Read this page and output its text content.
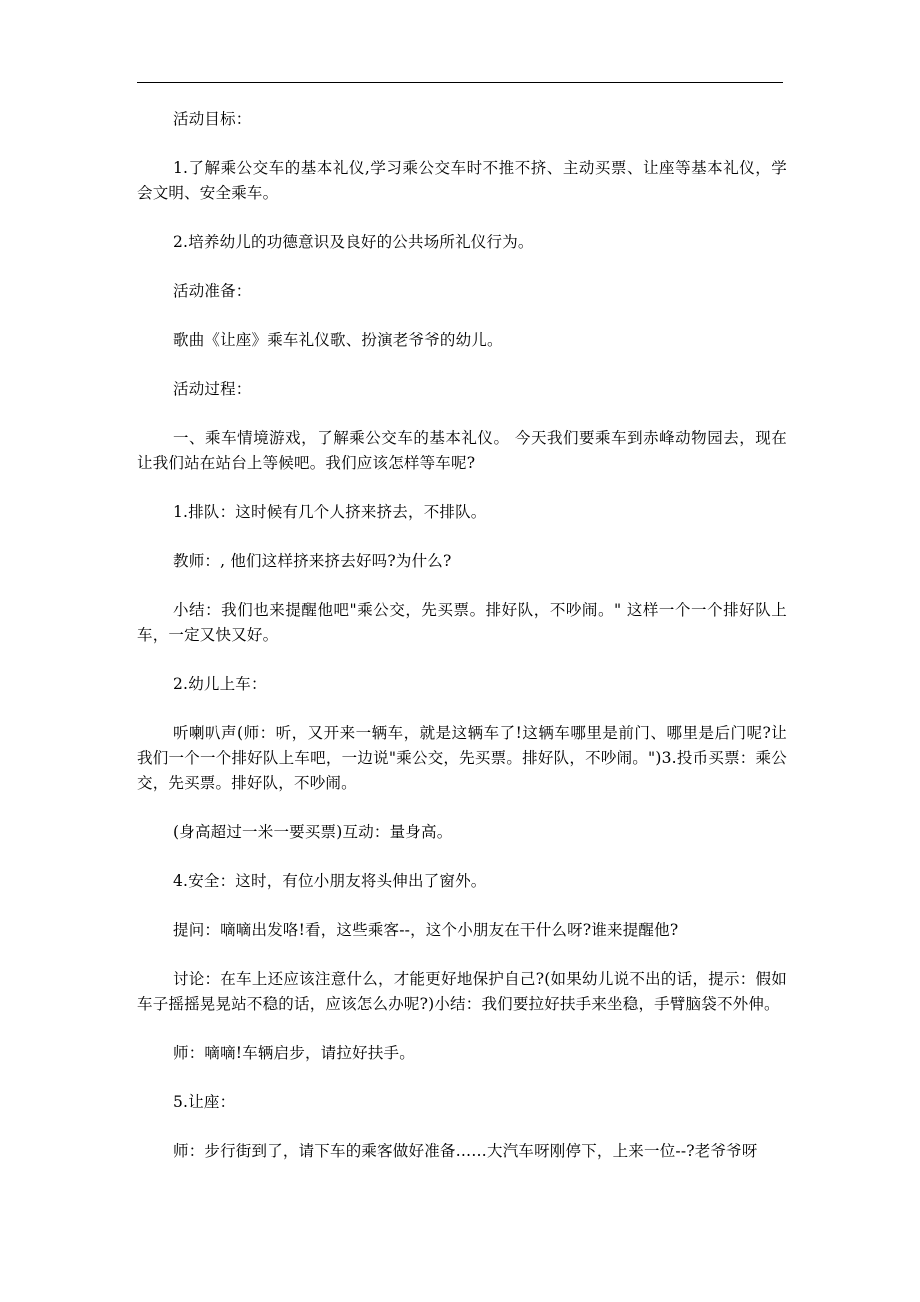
活动目标：

1.了解乘公交车的基本礼仪,学习乘公交车时不推不挤、主动买票、让座等基本礼仪，学会文明、安全乘车。

2.培养幼儿的功德意识及良好的公共场所礼仪行为。

活动准备：

歌曲《让座》乘车礼仪歌、扮演老爷爷的幼儿。

活动过程：

一、乘车情境游戏，了解乘公交车的基本礼仪。 今天我们要乘车到赤峰动物园去，现在让我们站在站台上等候吧。我们应该怎样等车呢?

1.排队：这时候有几个人挤来挤去，不排队。

教师：, 他们这样挤来挤去好吗?为什么?

小结：我们也来提醒他吧"乘公交，先买票。排好队，不吵闹。" 这样一个一个排好队上车，一定又快又好。

2.幼儿上车：

听喇叭声(师：听，又开来一辆车，就是这辆车了!这辆车哪里是前门、哪里是后门呢?让我们一个一个排好队上车吧，一边说"乘公交，先买票。排好队，不吵闹。")3.投币买票：乘公交，先买票。排好队，不吵闹。

(身高超过一米一要买票)互动：量身高。

4.安全：这时，有位小朋友将头伸出了窗外。

提问：嘀嘀出发咯!看，这些乘客--，这个小朋友在干什么呀?谁来提醒他?

讨论：在车上还应该注意什么，才能更好地保护自己?(如果幼儿说不出的话，提示：假如车子摇摇晃晃站不稳的话，应该怎么办呢?)小结：我们要拉好扶手来坐稳，手臂脑袋不外伸。

师：嘀嘀!车辆启步，请拉好扶手。

5.让座：

师：步行街到了，请下车的乘客做好准备……大汽车呀刚停下，上来一位--?老爷爷呀
